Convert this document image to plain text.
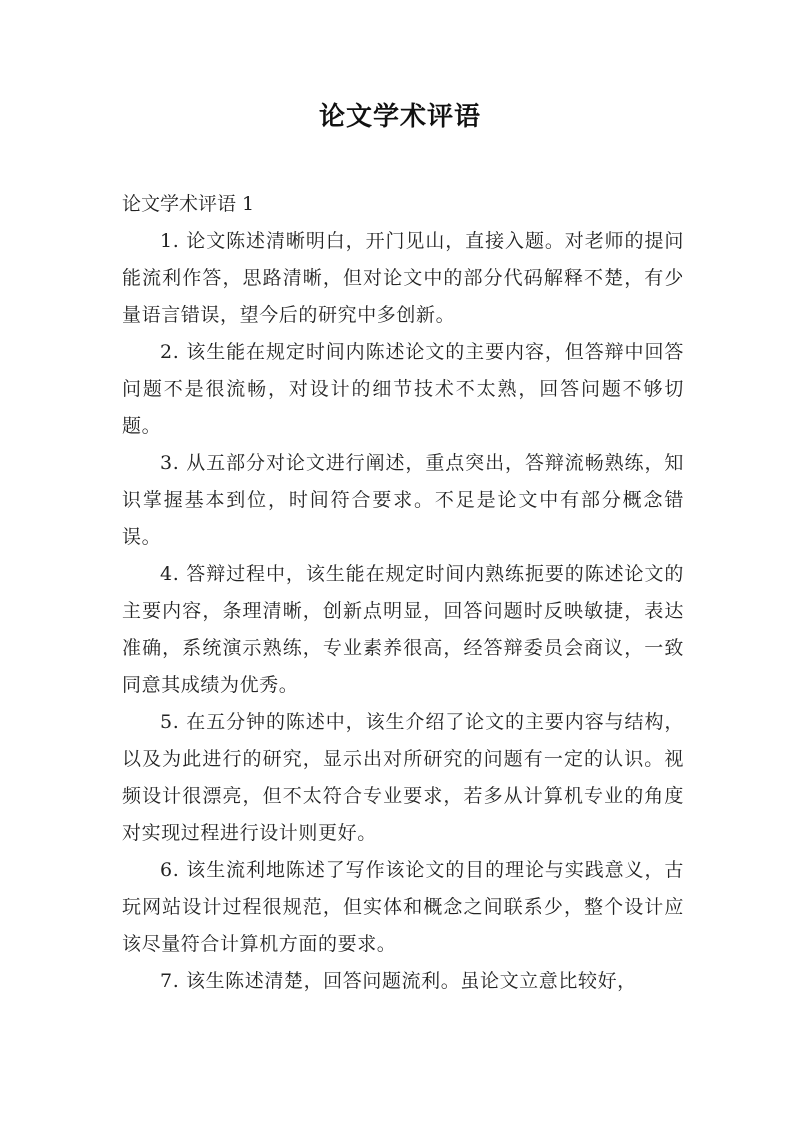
论文学术评语

论文学术评语 1

1. 论文陈述清晰明白，开门见山，直接入题。对老师的提问能流利作答，思路清晰，但对论文中的部分代码解释不楚，有少量语言错误，望今后的研究中多创新。

2. 该生能在规定时间内陈述论文的主要内容，但答辩中回答问题不是很流畅，对设计的细节技术不太熟，回答问题不够切题。

3. 从五部分对论文进行阐述，重点突出，答辩流畅熟练，知识掌握基本到位，时间符合要求。不足是论文中有部分概念错误。

4. 答辩过程中，该生能在规定时间内熟练扼要的陈述论文的主要内容，条理清晰，创新点明显，回答问题时反映敏捷，表达准确，系统演示熟练，专业素养很高，经答辩委员会商议，一致同意其成绩为优秀。

5. 在五分钟的陈述中，该生介绍了论文的主要内容与结构，以及为此进行的研究，显示出对所研究的问题有一定的认识。视频设计很漂亮，但不太符合专业要求，若多从计算机专业的角度对实现过程进行设计则更好。

6. 该生流利地陈述了写作该论文的目的理论与实践意义，古玩网站设计过程很规范，但实体和概念之间联系少，整个设计应该尽量符合计算机方面的要求。

7. 该生陈述清楚，回答问题流利。虽论文立意比较好，
